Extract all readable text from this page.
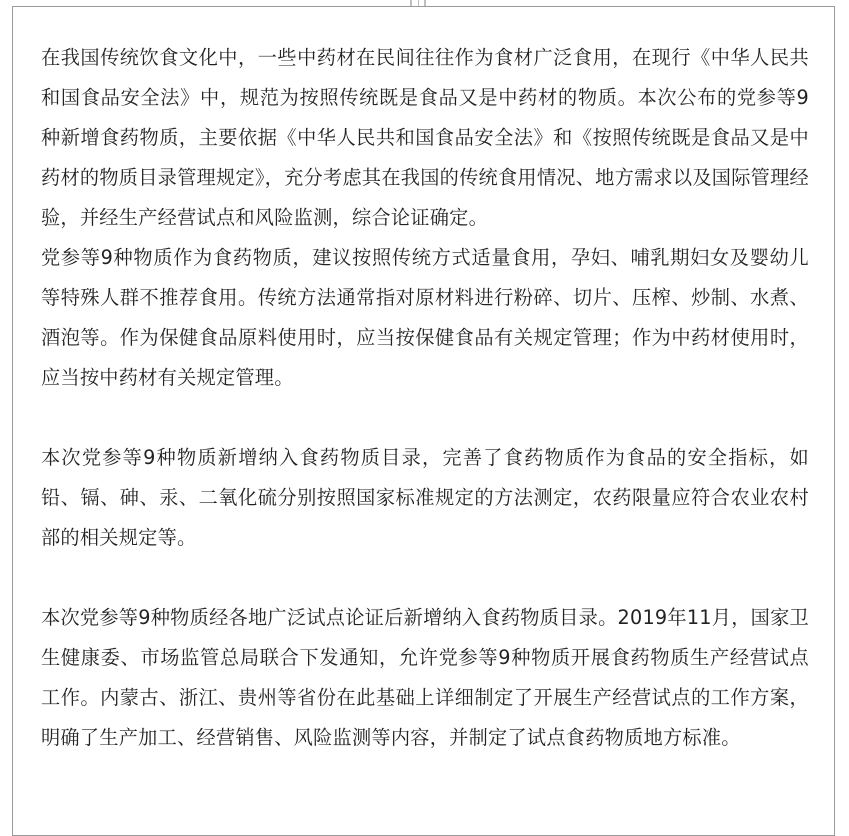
在我国传统饮食文化中，一些中药材在民间往往作为食材广泛食用，在现行《中华人民共和国食品安全法》中，规范为按照传统既是食品又是中药材的物质。本次公布的党参等9种新增食药物质，主要依据《中华人民共和国食品安全法》和《按照传统既是食品又是中药材的物质目录管理规定》，充分考虑其在我国的传统食用情况、地方需求以及国际管理经验，并经生产经营试点和风险监测，综合论证确定。

党参等9种物质作为食药物质，建议按照传统方式适量食用，孕妇、哺乳期妇女及婴幼儿等特殊人群不推荐食用。传统方法通常指对原材料进行粉碎、切片、压榨、炒制、水煮、酒泡等。作为保健食品原料使用时，应当按保健食品有关规定管理；作为中药材使用时，应当按中药材有关规定管理。

本次党参等9种物质新增纳入食药物质目录，完善了食药物质作为食品的安全指标，如铅、镉、砷、汞、二氧化硫分别按照国家标准规定的方法测定，农药限量应符合农业农村部的相关规定等。

本次党参等9种物质经各地广泛试点论证后新增纳入食药物质目录。2019年11月，国家卫生健康委、市场监管总局联合下发通知，允许党参等9种物质开展食药物质生产经营试点工作。内蒙古、浙江、贵州等省份在此基础上详细制定了开展生产经营试点的工作方案，明确了生产加工、经营销售、风险监测等内容，并制定了试点食药物质地方标准。
